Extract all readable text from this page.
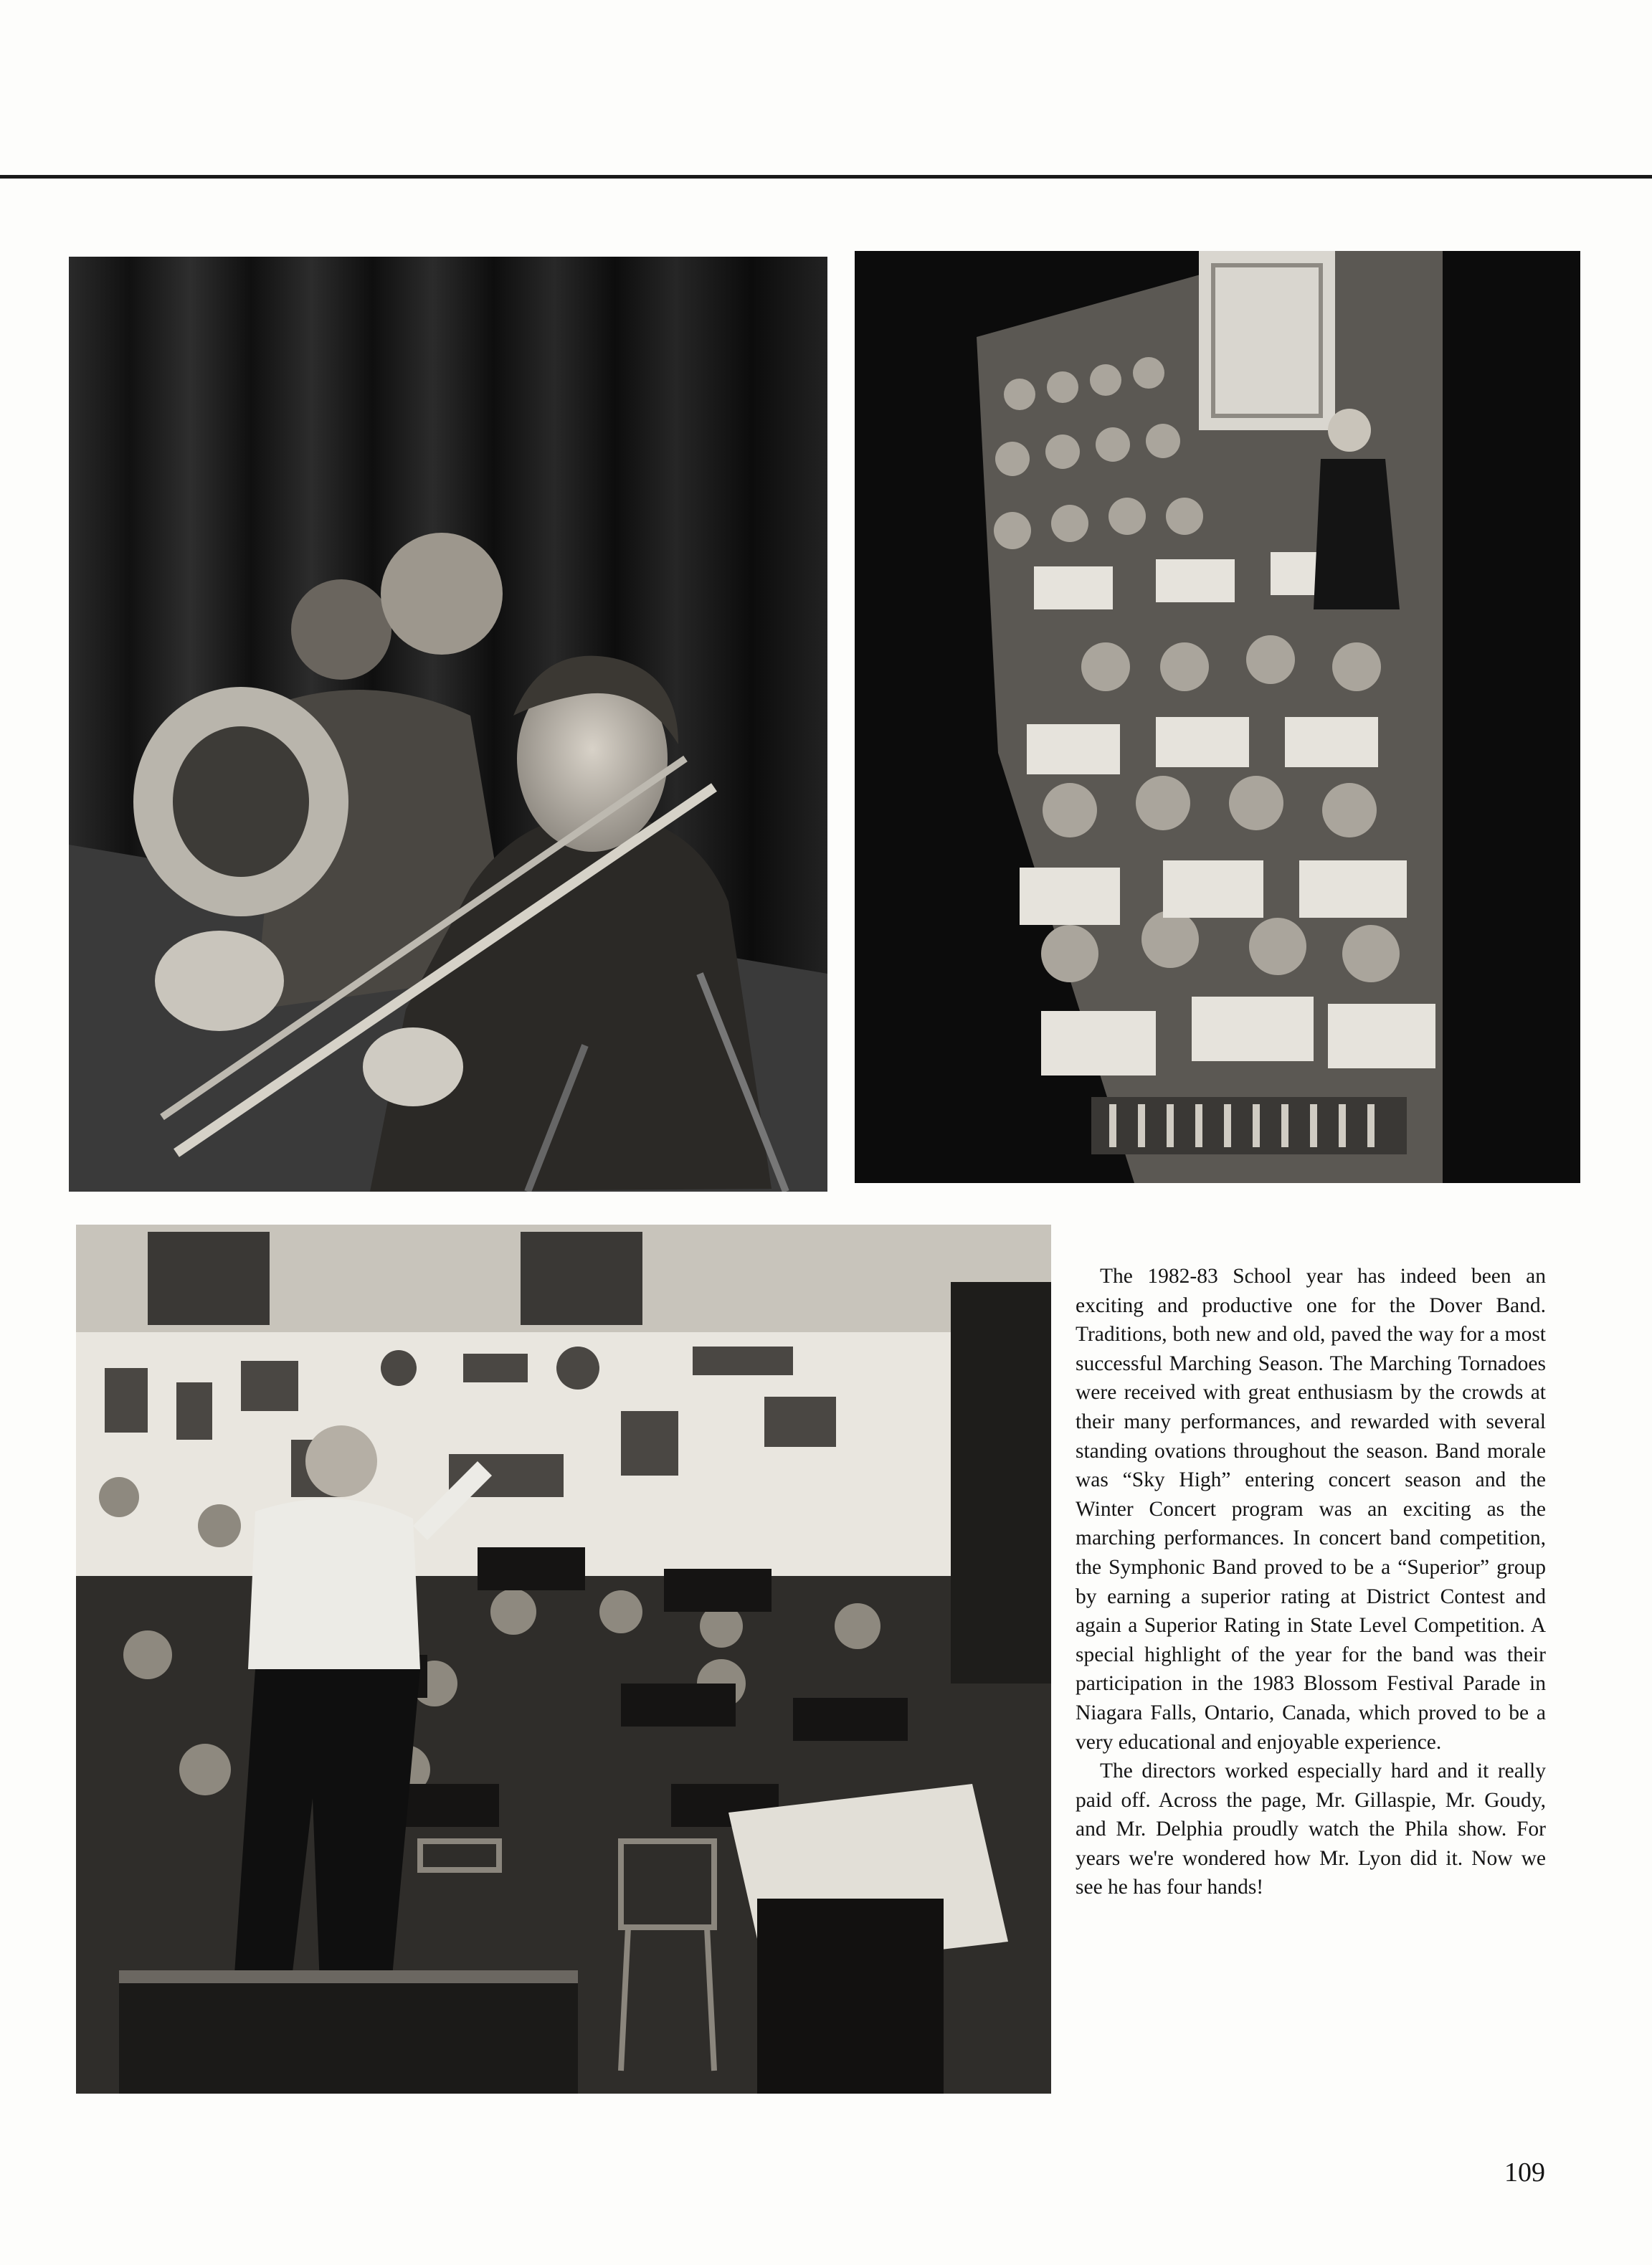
The 1982-83 School year has indeed been an exciting and productive one for the Dover Band. Traditions, both new and old, paved the way for a most successful Marching Season. The Marching Tornadoes were received with great enthusiasm by the crowds at their many performances, and rewarded with several standing ovations throughout the season. Band morale was “Sky High” entering concert season and the Winter Concert program was an exciting as the marching performances. In concert band competition, the Symphonic Band proved to be a “Superior” group by earning a superior rating at District Contest and again a Superior Rating in State Level Competition. A special highlight of the year for the band was their participation in the 1983 Blossom Festival Parade in Niagara Falls, Ontario, Canada, which proved to be a very educational and enjoyable experience.

The directors worked especially hard and it really paid off. Across the page, Mr. Gillaspie, Mr. Goudy, and Mr. Delphia proudly watch the Phila show. For years we're wondered how Mr. Lyon did it. Now we see he has four hands!

109
